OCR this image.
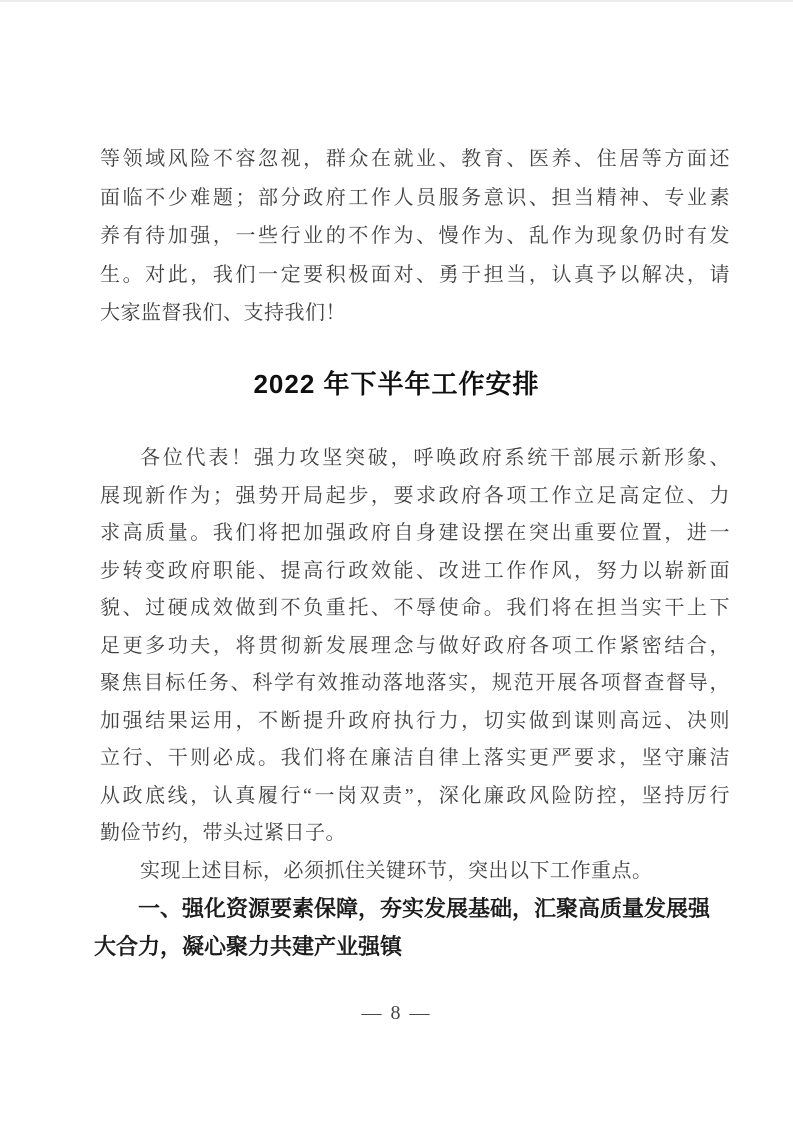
等领域风险不容忽视，群众在就业、教育、医养、住居等方面还
面临不少难题；部分政府工作人员服务意识、担当精神、专业素
养有待加强，一些行业的不作为、慢作为、乱作为现象仍时有发
生。对此，我们一定要积极面对、勇于担当，认真予以解决，请
大家监督我们、支持我们！
2022 年下半年工作安排
各位代表！强力攻坚突破，呼唤政府系统干部展示新形象、
展现新作为；强势开局起步，要求政府各项工作立足高定位、力
求高质量。我们将把加强政府自身建设摆在突出重要位置，进一
步转变政府职能、提高行政效能、改进工作作风，努力以崭新面
貌、过硬成效做到不负重托、不辱使命。我们将在担当实干上下
足更多功夫，将贯彻新发展理念与做好政府各项工作紧密结合，
聚焦目标任务、科学有效推动落地落实，规范开展各项督查督导，
加强结果运用，不断提升政府执行力，切实做到谋则高远、决则
立行、干则必成。我们将在廉洁自律上落实更严要求，坚守廉洁
从政底线，认真履行“一岗双责”，深化廉政风险防控，坚持厉行
勤俭节约，带头过紧日子。
实现上述目标，必须抓住关键环节，突出以下工作重点。
一、强化资源要素保障，夯实发展基础，汇聚高质量发展强
大合力，凝心聚力共建产业强镇
— 8 —
